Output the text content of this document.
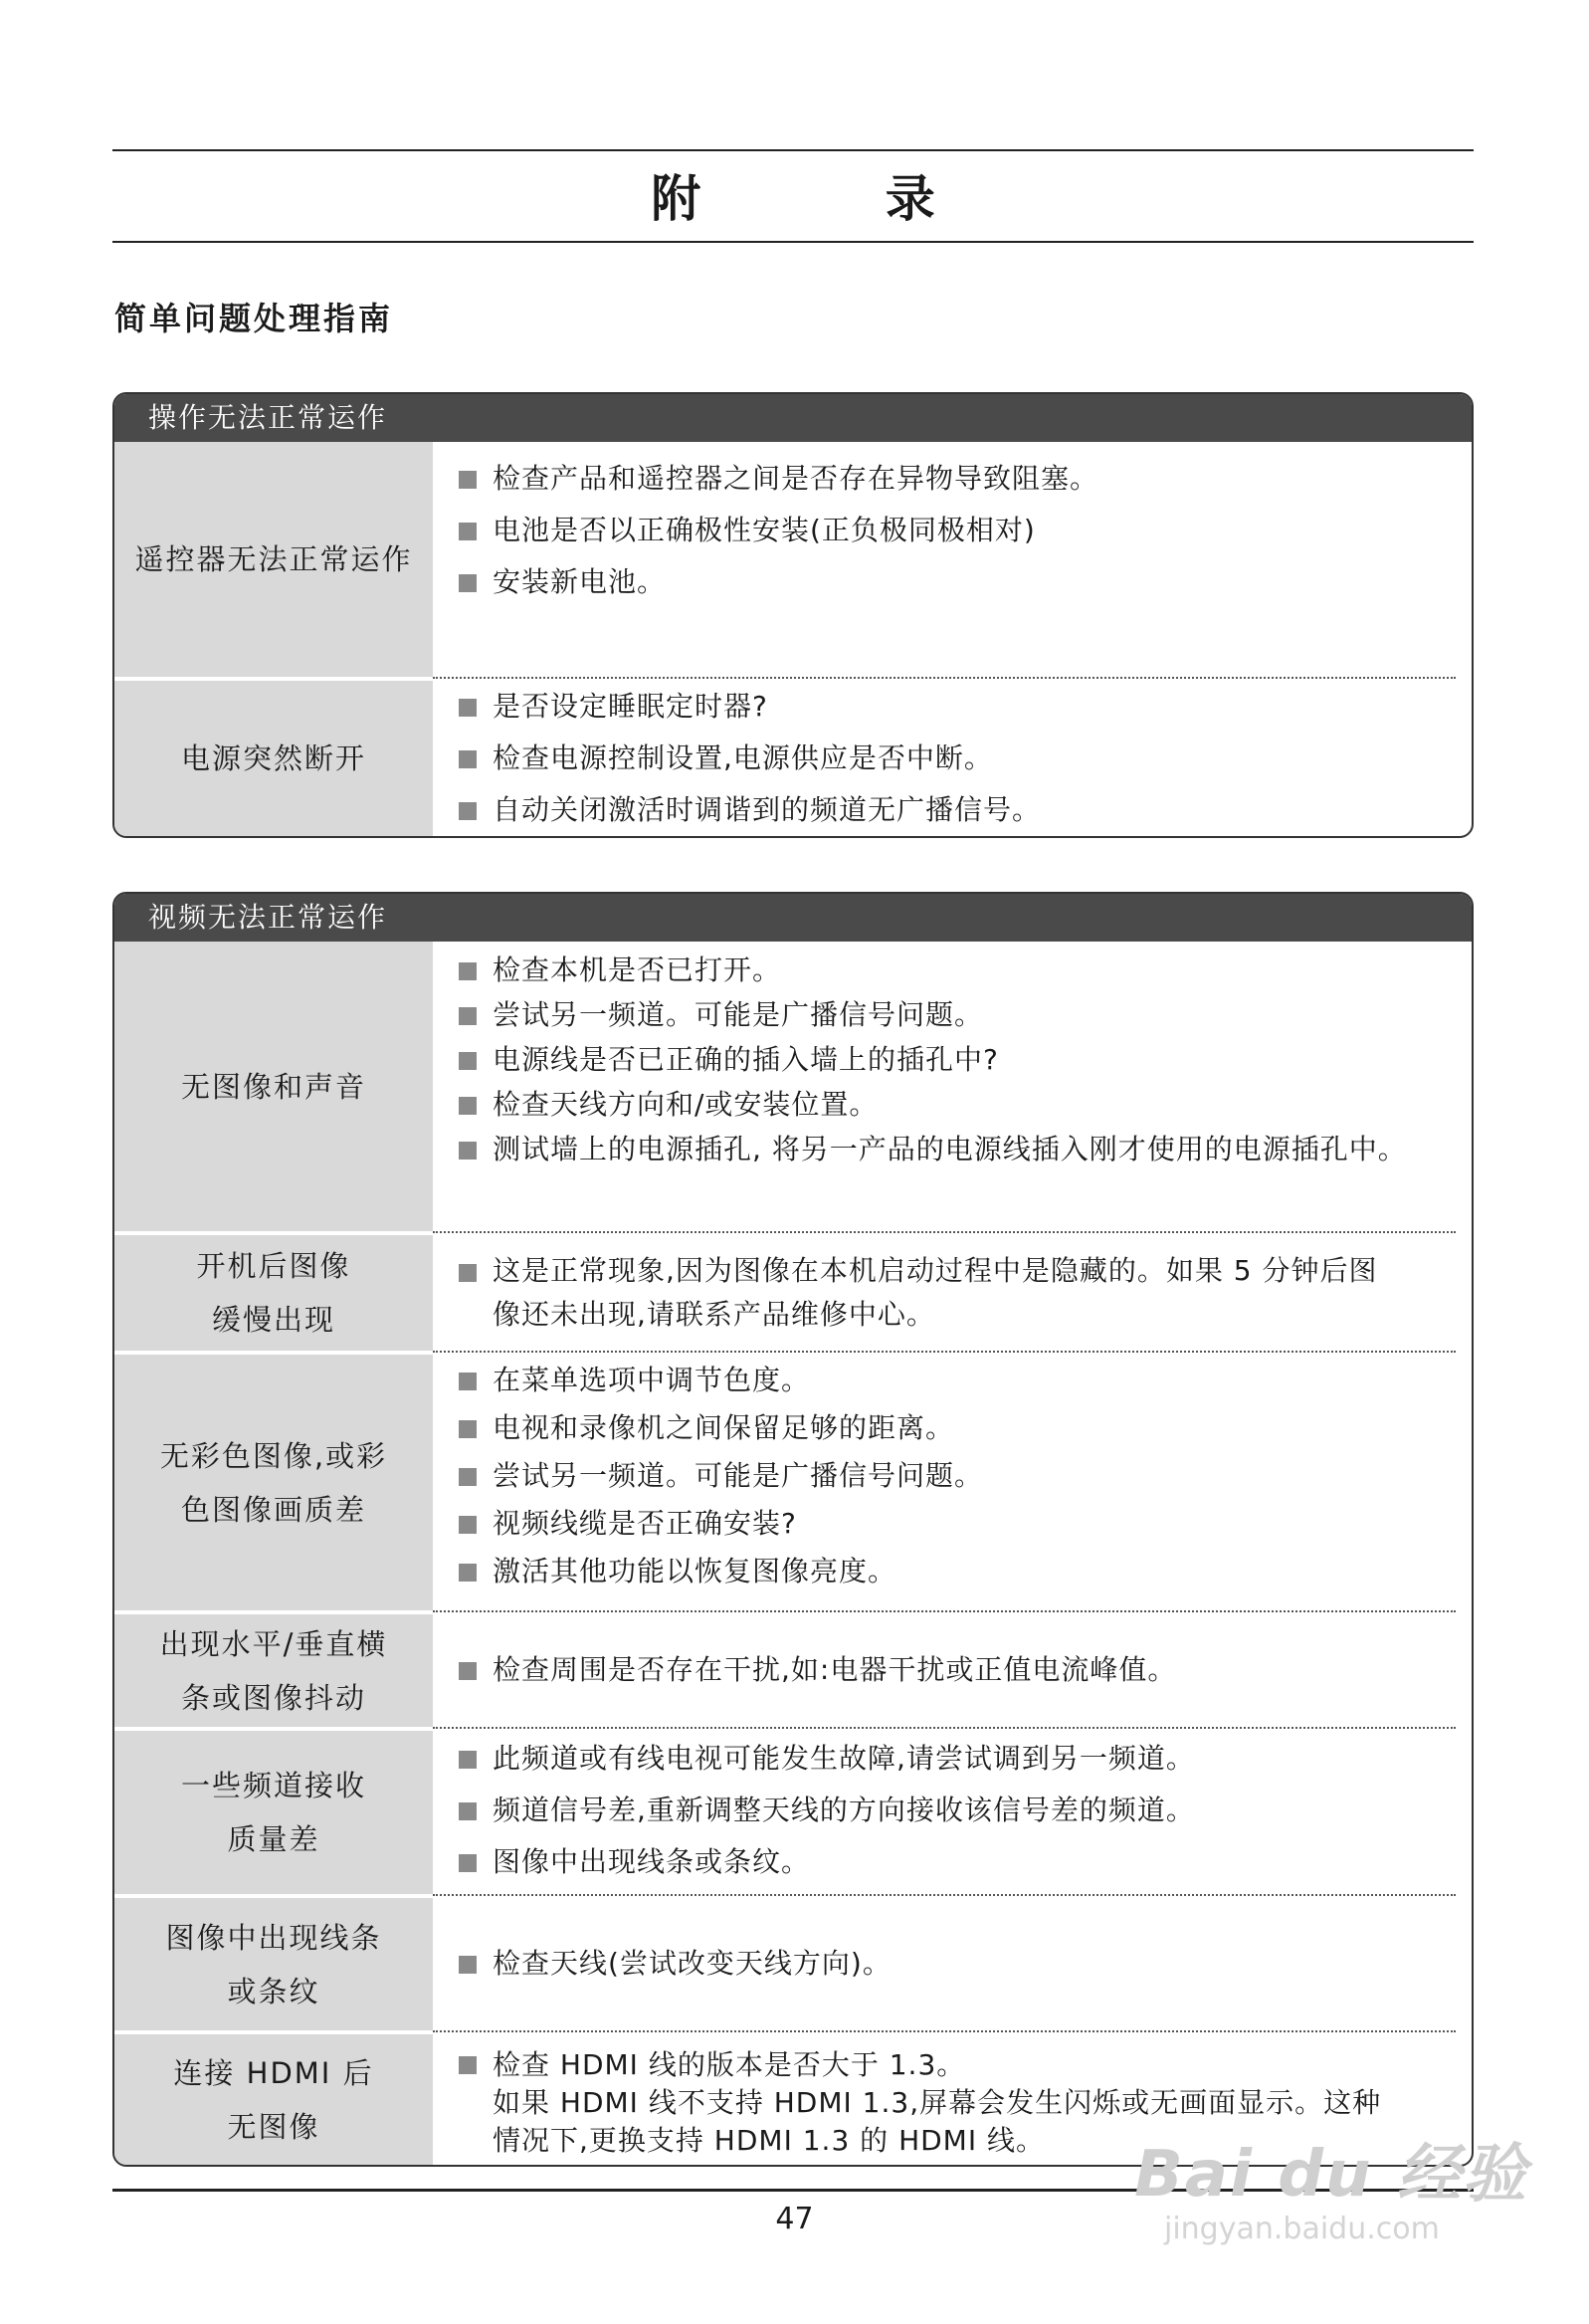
附 录
简单问题处理指南
操作无法正常运作
遥控器无法正常运作
检查产品和遥控器之间是否存在异物导致阻塞。
电池是否以正确极性安装(正负极同极相对)
安装新电池。
电源突然断开
是否设定睡眠定时器?
检查电源控制设置,电源供应是否中断。
自动关闭激活时调谐到的频道无广播信号。
视频无法正常运作
无图像和声音
检查本机是否已打开。
尝试另一频道。可能是广播信号问题。
电源线是否已正确的插入墙上的插孔中?
检查天线方向和/或安装位置。
测试墙上的电源插孔, 将另一产品的电源线插入刚才使用的电源插孔中。
开机后图像
缓慢出现
这是正常现象,因为图像在本机启动过程中是隐藏的。如果 5 分钟后图像还未出现,请联系产品维修中心。
无彩色图像,或彩
色图像画质差
在菜单选项中调节色度。
电视和录像机之间保留足够的距离。
尝试另一频道。可能是广播信号问题。
视频线缆是否正确安装?
激活其他功能以恢复图像亮度。
出现水平/垂直横
条或图像抖动
检查周围是否存在干扰,如:电器干扰或正值电流峰值。
一些频道接收
质量差
此频道或有线电视可能发生故障,请尝试调到另一频道。
频道信号差,重新调整天线的方向接收该信号差的频道。
图像中出现线条或条纹。
图像中出现线条
或条纹
检查天线(尝试改变天线方向)。
连接 HDMI 后
无图像
检查 HDMI 线的版本是否大于 1.3。
如果 HDMI 线不支持 HDMI 1.3,屏幕会发生闪烁或无画面显示。这种情况下,更换支持 HDMI 1.3 的 HDMI 线。
47
Bai du 经验
jingyan.baidu.com
